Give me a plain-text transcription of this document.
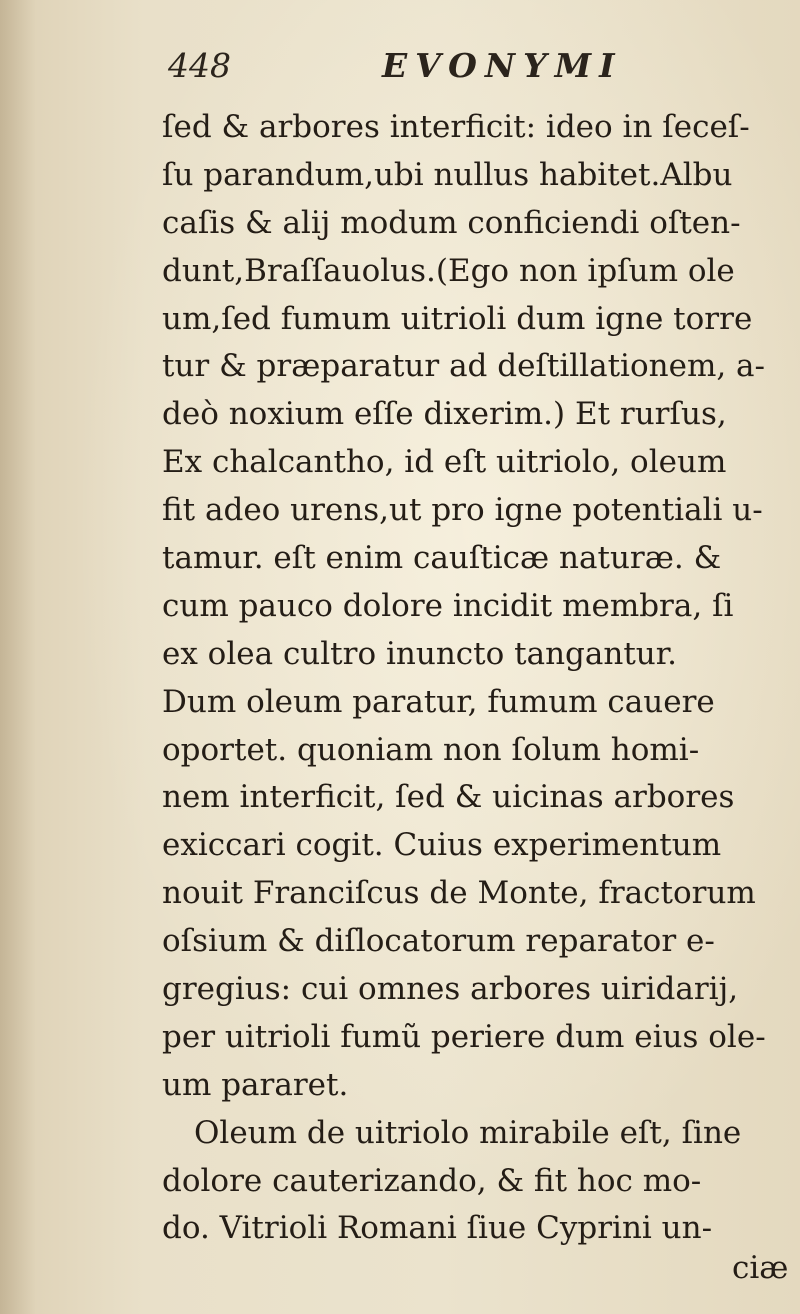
448	EVONYMI
ſed & arbores interficit: ideo in ſeceſ-
ſu parandum,ubi nullus habitet.Albu
caſis & alij modum conficiendi oſten-
dunt,Braſſauolus.(Ego non ipſum ole
um,ſed fumum uitrioli dum igne torre
tur & præparatur ad deſtillationem, a-
deò noxium eſſe dixerim.) Et rurſus,
Ex chalcantho, id eſt uitriolo, oleum
fit adeo urens,ut pro igne potentiali u-
tamur. eſt enim cauſticæ naturæ. &
cum pauco dolore incidit membra, ſi
ex olea cultro inuncto tangantur.
Dum oleum paratur, fumum cauere
oportet. quoniam non ſolum homi-
nem interficit, ſed & uicinas arbores
exiccari cogit. Cuius experimentum
nouit Franciſcus de Monte, fractorum
oſsium & diſlocatorum reparator e-
gregius: cui omnes arbores uiridarij,
per uitrioli fumũ periere dum eius ole-
um pararet.
Oleum de uitriolo mirabile eſt, ſine
dolore cauterizando, & fit hoc mo-
do. Vitrioli Romani ſiue Cyprini un-
ciæ
